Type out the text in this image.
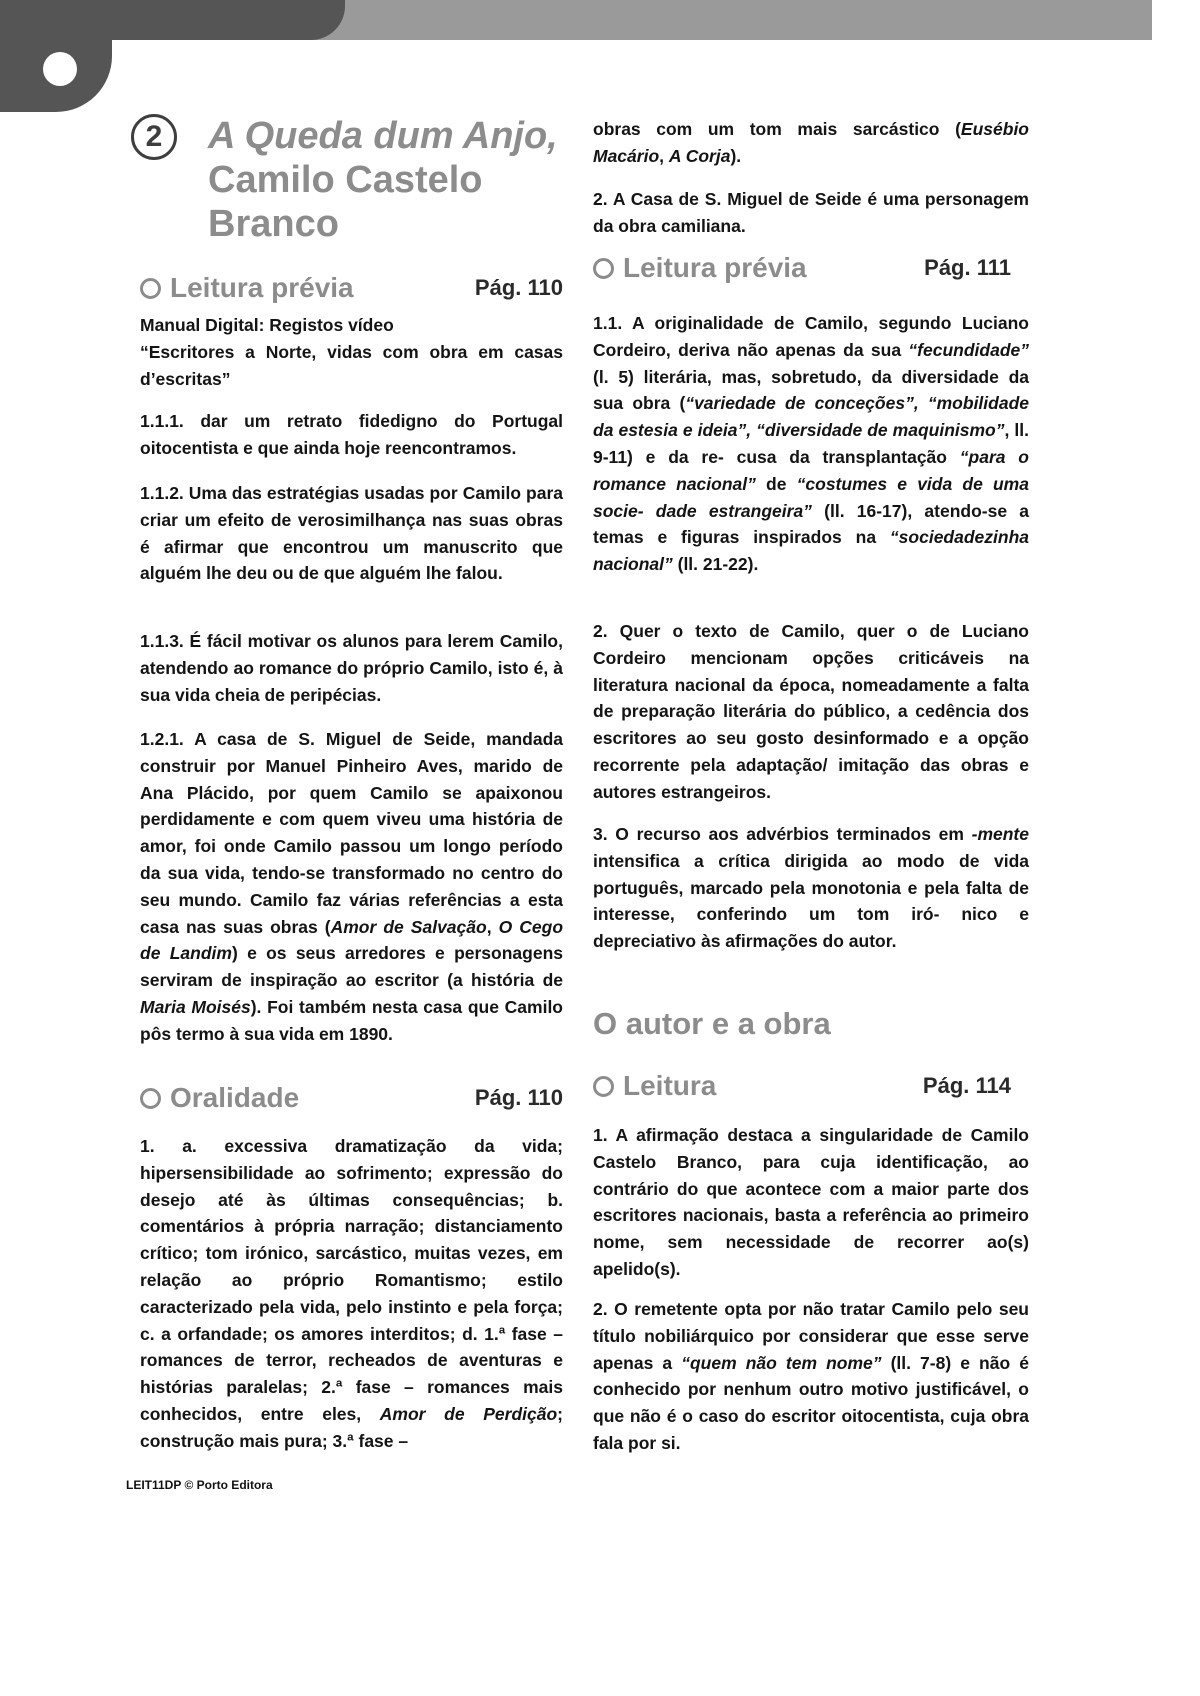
2	A Queda dum Anjo,
Camilo Castelo
Branco
Leitura prévia	Pág. 110

Manual Digital: Registos vídeo

“Escritores a Norte, vidas com obra em casas d’escritas”

1.1.1. dar um retrato fidedigno do Portugal oitocentista e que ainda hoje reencontramos.

1.1.2. Uma das estratégias usadas por Camilo para criar um efeito de verosimilhança nas suas obras é afirmar que encontrou um manuscrito que alguém lhe deu ou de que alguém lhe falou.

1.1.3. É fácil motivar os alunos para lerem Camilo, atendendo ao romance do próprio Camilo, isto é, à sua vida cheia de peripécias.

1.2.1. A casa de S. Miguel de Seide, mandada construir por Manuel Pinheiro Aves, marido de Ana Plácido, por quem Camilo se apaixonou perdidamente e com quem viveu uma história de amor, foi onde Camilo passou um longo período da sua vida, tendo-se transformado no centro do seu mundo. Camilo faz várias referências a esta casa nas suas obras (Amor de Salvação, O Cego de Landim) e os seus arredores e personagens serviram de inspiração ao escritor (a história de Maria Moisés). Foi também nesta casa que Camilo pôs termo à sua vida em 1890.

Oralidade	Pág. 110

1. a. excessiva dramatização da vida; hipersensibilidade ao sofrimento; expressão do desejo até às últimas consequências; b. comentários à própria narração; distanciamento crítico; tom irónico, sarcástico, muitas vezes, em relação ao próprio Romantismo; estilo caracterizado pela vida, pelo instinto e pela força; c. a orfandade; os amores interditos; d. 1.ª fase – romances de terror, recheados de aventuras e histórias paralelas; 2.ª fase – romances mais conhecidos, entre eles, Amor de Perdição; construção mais pura; 3.ª fase –

obras com um tom mais sarcástico (Eusébio Macário, A Corja).

2. A Casa de S. Miguel de Seide é uma personagem da obra camiliana.

Leitura prévia	Pág. 111

1.1. A originalidade de Camilo, segundo Luciano Cordeiro, deriva não apenas da sua “fecundidade” (l. 5) literária, mas, sobretudo, da diversidade da sua obra (“variedade de conceções”, “mobilidade da estesia e ideia”, “diversidade de maquinismo”, ll. 9-11) e da re- cusa da transplantação “para o romance nacional” de “costumes e vida de uma socie- dade estrangeira” (ll. 16-17), atendo-se a temas e figuras inspirados na “sociedadezinha nacional” (ll. 21-22).

2. Quer o texto de Camilo, quer o de Luciano Cordeiro mencionam opções criticáveis na literatura nacional da época, nomeadamente a falta de preparação literária do público, a cedência dos escritores ao seu gosto desinformado e a opção recorrente pela adaptação/ imitação das obras e autores estrangeiros.

3. O recurso aos advérbios terminados em -mente intensifica a crítica dirigida ao modo de vida português, marcado pela monotonia e pela falta de interesse, conferindo um tom iró- nico e depreciativo às afirmações do autor.

O autor e a obra
Leitura	Pág. 114

1. A afirmação destaca a singularidade de Camilo Castelo Branco, para cuja identificação, ao contrário do que acontece com a maior parte dos escritores nacionais, basta a referência ao primeiro nome, sem necessidade de recorrer ao(s) apelido(s).

2. O remetente opta por não tratar Camilo pelo seu título nobiliárquico por considerar que esse serve apenas a “quem não tem nome” (ll. 7-8) e não é conhecido por nenhum outro motivo justificável, o que não é o caso do escritor oitocentista, cuja obra fala por si.

LEIT11DP © Porto Editora
